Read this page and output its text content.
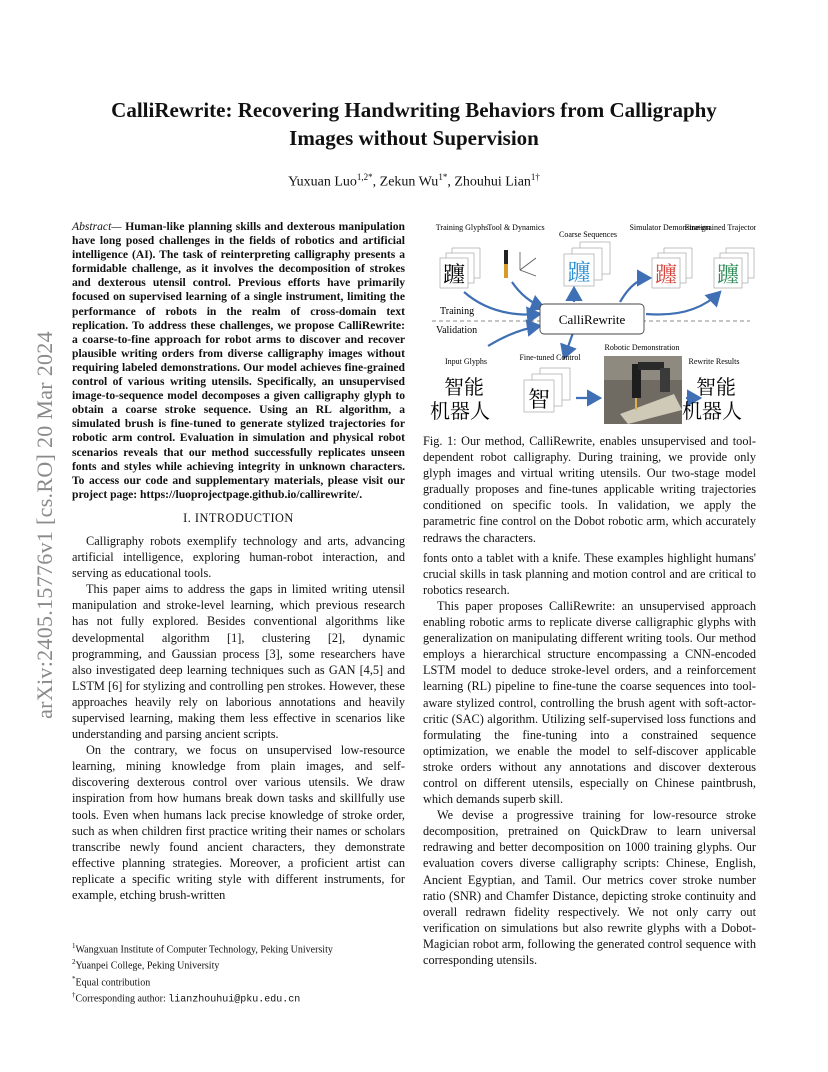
arXiv:2405.15776v1 [cs.RO] 20 Mar 2024
CalliRewrite: Recovering Handwriting Behaviors from Calligraphy Images without Supervision
Yuxuan Luo$^{1,2*}$, Zekun $Wu^{1*}$, Zhouhui Lian$^{1\dagger}$

Abstract— Human-like planning skills and dexterous manipulation have long posed challenges in the fields of robotics and artificial intelligence (AI). The task of reinterpreting calligraphy presents a formidable challenge, as it involves the decomposition of strokes and dexterous utensil control. Previous efforts have primarily focused on supervised learning of a single instrument, limiting the performance of robots in the realm of cross-domain text replication. To address these challenges, we propose CalliRewrite: a coarse-to-fine approach for robot arms to discover and recover plausible writing orders from diverse calligraphy images without requiring labeled demonstrations. Our model achieves fine-grained control of various writing utensils. Specifically, an unsupervised image-to-sequence model decomposes a given calligraphy glyph to obtain a coarse stroke sequence. Using an RL algorithm, a simulated brush is fine-tuned to generate stylized trajectories for robotic arm control. Evaluation in simulation and physical robot scenarios reveals that our method successfully replicates unseen fonts and styles while achieving integrity in unknown characters. To access our code and supplementary materials, please visit our project page: https://luoprojectpage.github.io/callirewrite/.

I. INTRODUCTION

Calligraphy robots exemplify technology and arts, advancing artificial intelligence, exploring human-robot interaction, and serving as educational tools.

This paper aims to address the gaps in limited writing utensil manipulation and stroke-level learning, which previous research has not fully explored. Besides conventional algorithms like developmental algorithm [1], clustering [2], dynamic programming, and Gaussian process [3], some researchers have also investigated deep learning techniques such as GAN [4,5] and LSTM [6] for stylizing and controlling pen strokes. However, these approaches heavily rely on laborious annotations and heavily supervised learning, making them less effective in scenarios like understanding and parsing ancient scripts.

On the contrary, we focus on unsupervised low-resource learning, mining knowledge from plain images, and self-discovering dexterous control over various utensils. We draw inspiration from how humans break down tasks and skillfully use tools. Even when humans lack precise knowledge of stroke order, such as when children first practice writing their names or scholars transcribe newly found ancient characters, they demonstrate effective planning strategies. Moreover, a proficient artist can replicate a specific writing style with different instruments, for example, etching brush-written

$^1$Wangxuan Institute of Computer Technology, Peking University
$^2$Yuanpei College, Peking University
*Equal contribution
†Corresponding author: lianzhouhui@pku.edu.cn
Training Glyphs Tool & Dynamics
Coarse Sequences
Simulator Demonstration
Fine-grained Trajector
躔	躔	躔 躔
Training
Validation
CalliRewrite
Input Glyphs	Fine-tuned Control
Robotic Demonstration
Rewrite Results
智能
机器人 智	智能
机器人

Fig. 1: Our method, CalliRewrite, enables unsupervised and tool-dependent robot calligraphy. During training, we provide only glyph images and virtual writing utensils. Our two-stage model gradually proposes and fine-tunes applicable writing trajectories conditioned on specific tools. In validation, we apply the parametric fine control on the Dobot robotic arm, which accurately redraws the characters.

fonts onto a tablet with a knife. These examples highlight humans' crucial skills in task planning and motion control and are critical to robotics research.

This paper proposes CalliRewrite: an unsupervised approach enabling robotic arms to replicate diverse calligraphic glyphs with generalization on manipulating different writing tools. Our method employs a hierarchical structure encompassing a CNN-encoded LSTM model to deduce stroke-level orders, and a reinforcement learning (RL) pipeline to fine-tune the coarse sequences into tool-aware stylized control, controlling the brush agent with soft-actor-critic (SAC) algorithm. Utilizing self-supervised loss functions and formulating the fine-tuning into a constrained sequence optimization, we enable the model to self-discover applicable stroke orders without any annotations and discover dexterous control on different utensils, especially on Chinese paintbrush, which demands superb skill.

We devise a progressive training for low-resource stroke decomposition, pretrained on QuickDraw to learn universal redrawing and better decomposition on 1000 training glyphs. Our evaluation covers diverse calligraphy scripts: Chinese, English, Ancient Egyptian, and Tamil. Our metrics cover stroke number ratio (SNR) and Chamfer Distance, depicting stroke continuity and overall redrawn fidelity respectively. We not only carry out verification on simulations but also rewrite glyphs with a Dobot-Magician robot arm, following the generated control sequence with corresponding utensils.
